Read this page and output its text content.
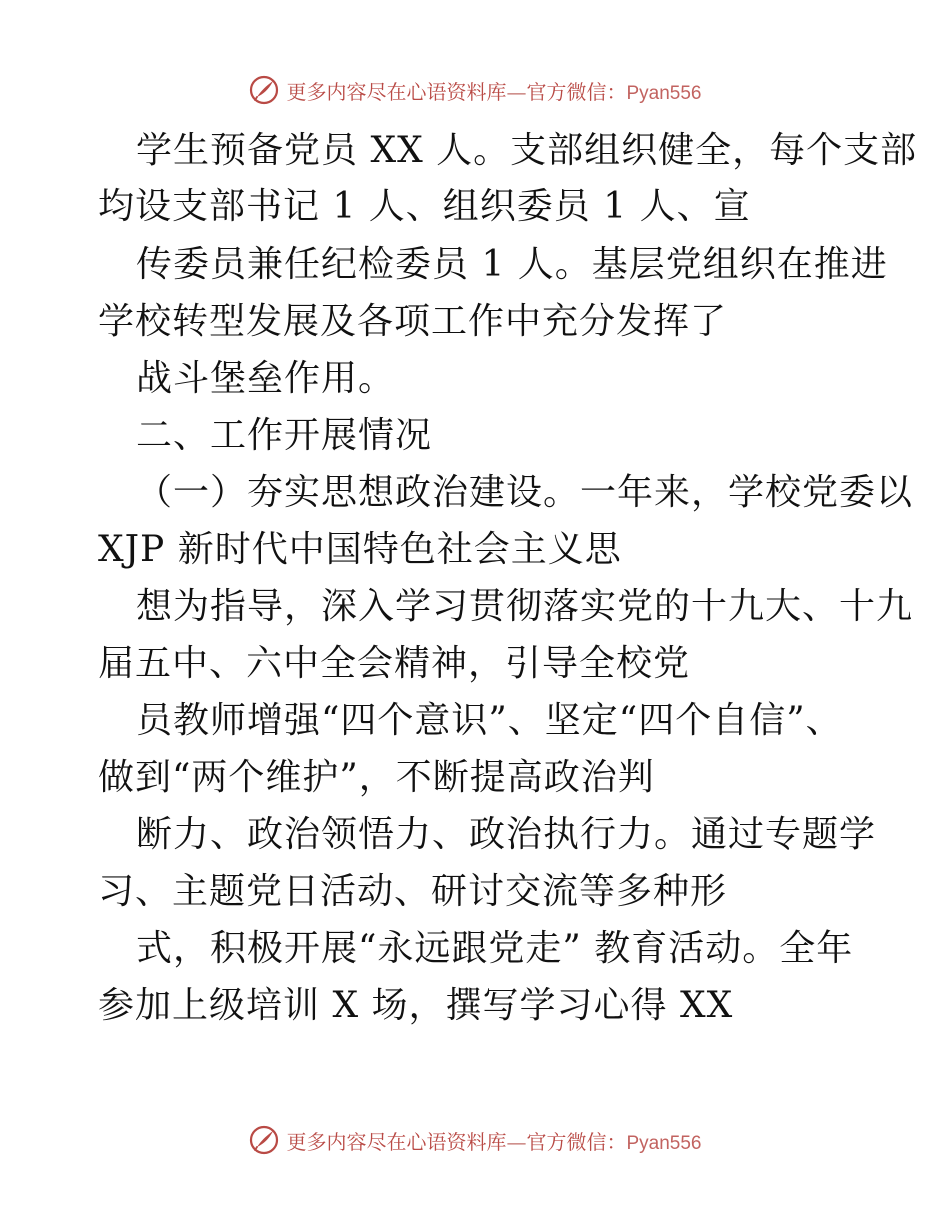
更多内容尽在心语资料库—官方微信：Pyan556
学生预备党员 XX 人。支部组织健全，每个支部
均设支部书记 1 人、组织委员 1 人、宣
传委员兼任纪检委员 1 人。基层党组织在推进
学校转型发展及各项工作中充分发挥了
战斗堡垒作用。
二、工作开展情况
（一）夯实思想政治建设。一年来，学校党委以
XJP 新时代中国特色社会主义思
想为指导，深入学习贯彻落实党的十九大、十九
届五中、六中全会精神，引导全校党
员教师增强“四个意识”、坚定“四个自信”、
做到“两个维护”，不断提高政治判
断力、政治领悟力、政治执行力。通过专题学
习、主题党日活动、研讨交流等多种形
式，积极开展“永远跟党走” 教育活动。全年
参加上级培训 X 场，撰写学习心得 XX
更多内容尽在心语资料库—官方微信：Pyan556
